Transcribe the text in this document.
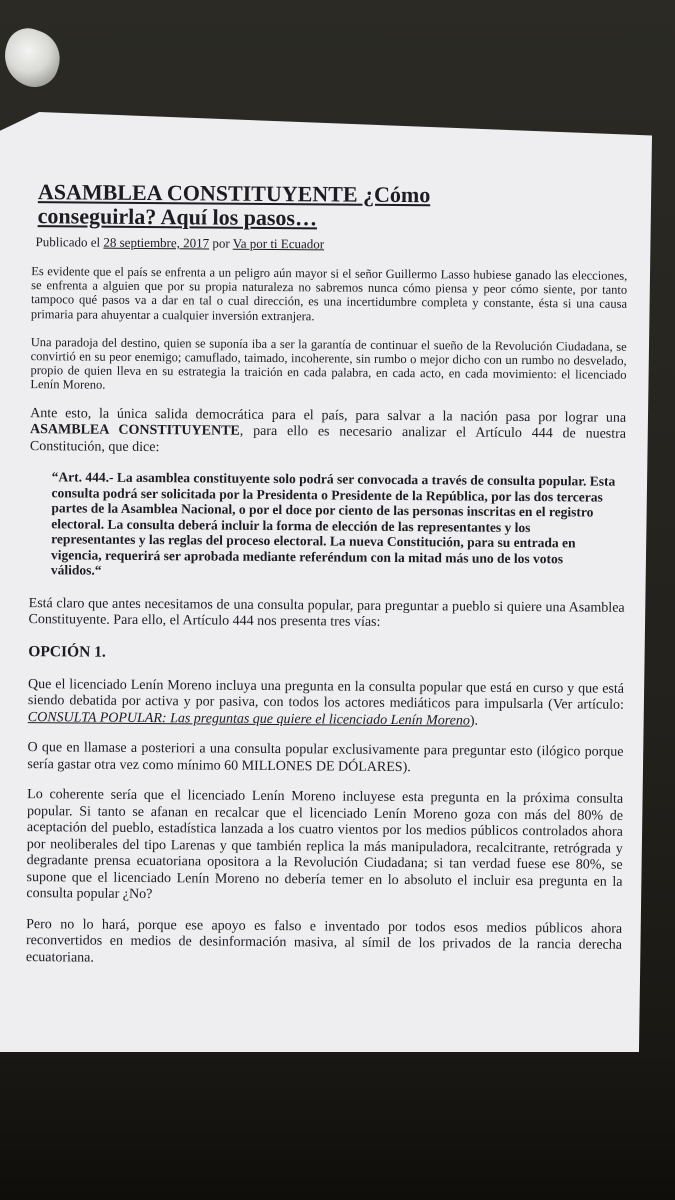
ASAMBLEA CONSTITUYENTE ¿Cómo conseguirla? Aquí los pasos…
Publicado el 28 septiembre, 2017 por Va por ti Ecuador

Es evidente que el país se enfrenta a un peligro aún mayor si el señor Guillermo Lasso hubiese ganado las elecciones, se enfrenta a alguien que por su propia naturaleza no sabremos nunca cómo piensa y peor cómo siente, por tanto tampoco qué pasos va a dar en tal o cual dirección, es una incertidumbre completa y constante, ésta si una causa primaria para ahuyentar a cualquier inversión extranjera.

Una paradoja del destino, quien se suponía iba a ser la garantía de continuar el sueño de la Revolución Ciudadana, se convirtió en su peor enemigo; camuflado, taimado, incoherente, sin rumbo o mejor dicho con un rumbo no desvelado, propio de quien lleva en su estrategia la traición en cada palabra, en cada acto, en cada movimiento: el licenciado Lenín Moreno.

Ante esto, la única salida democrática para el país, para salvar a la nación pasa por lograr una ASAMBLEA CONSTITUYENTE, para ello es necesario analizar el Artículo 444 de nuestra Constitución, que dice:

“Art. 444.- La asamblea constituyente solo podrá ser convocada a través de consulta popular. Esta consulta podrá ser solicitada por la Presidenta o Presidente de la República, por las dos terceras partes de la Asamblea Nacional, o por el doce por ciento de las personas inscritas en el registro electoral. La consulta deberá incluir la forma de elección de las representantes y los representantes y las reglas del proceso electoral. La nueva Constitución, para su entrada en vigencia, requerirá ser aprobada mediante referéndum con la mitad más uno de los votos válidos.“

Está claro que antes necesitamos de una consulta popular, para preguntar a pueblo si quiere una Asamblea Constituyente. Para ello, el Artículo 444 nos presenta tres vías:

OPCIÓN 1.

Que el licenciado Lenín Moreno incluya una pregunta en la consulta popular que está en curso y que está siendo debatida por activa y por pasiva, con todos los actores mediáticos para impulsarla (Ver artículo: CONSULTA POPULAR: Las preguntas que quiere el licenciado Lenín Moreno).

O que en llamase a posteriori a una consulta popular exclusivamente para preguntar esto (ilógico porque sería gastar otra vez como mínimo 60 MILLONES DE DÓLARES).

Lo coherente sería que el licenciado Lenín Moreno incluyese esta pregunta en la próxima consulta popular. Si tanto se afanan en recalcar que el licenciado Lenín Moreno goza con más del 80% de aceptación del pueblo, estadística lanzada a los cuatro vientos por los medios públicos controlados ahora por neoliberales del tipo Larenas y que también replica la más manipuladora, recalcitrante, retrógrada y degradante prensa ecuatoriana opositora a la Revolución Ciudadana; si tan verdad fuese ese 80%, se supone que el licenciado Lenín Moreno no debería temer en lo absoluto el incluir esa pregunta en la consulta popular ¿No?

Pero no lo hará, porque ese apoyo es falso e inventado por todos esos medios públicos ahora reconvertidos en medios de desinformación masiva, al símil de los privados de la rancia derecha ecuatoriana.
